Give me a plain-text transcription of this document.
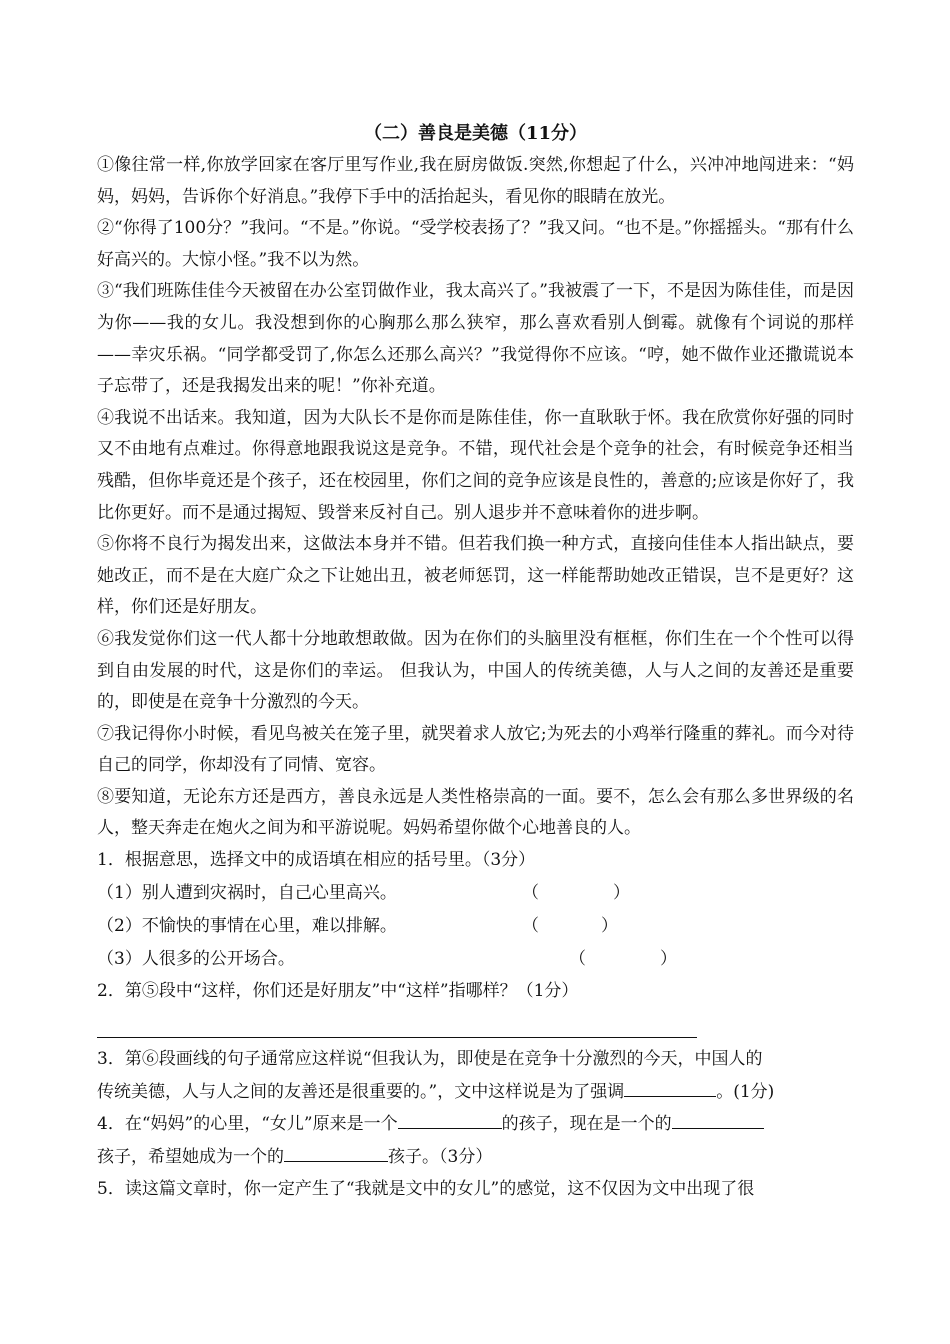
（二）善良是美德（11分）

①像往常一样,你放学回家在客厅里写作业,我在厨房做饭.突然,你想起了什么，兴冲冲地闯进来：“妈妈，妈妈，告诉你个好消息。”我停下手中的活抬起头，看见你的眼睛在放光。

②“你得了100分？”我问。“不是。”你说。“受学校表扬了？”我又问。“也不是。”你摇摇头。“那有什么好高兴的。大惊小怪。”我不以为然。

③“我们班陈佳佳今天被留在办公室罚做作业，我太高兴了。”我被震了一下，不是因为陈佳佳，而是因为你——我的女儿。我没想到你的心胸那么那么狭窄，那么喜欢看别人倒霉。就像有个词说的那样——幸灾乐祸。“同学都受罚了,你怎么还那么高兴？”我觉得你不应该。“哼，她不做作业还撒谎说本子忘带了，还是我揭发出来的呢！”你补充道。

④我说不出话来。我知道，因为大队长不是你而是陈佳佳，你一直耿耿于怀。我在欣赏你好强的同时又不由地有点难过。你得意地跟我说这是竞争。不错，现代社会是个竞争的社会，有时候竞争还相当残酷，但你毕竟还是个孩子，还在校园里，你们之间的竞争应该是良性的，善意的;应该是你好了，我比你更好。而不是通过揭短、毁誉来反衬自己。别人退步并不意味着你的进步啊。

⑤你将不良行为揭发出来，这做法本身并不错。但若我们换一种方式，直接向佳佳本人指出缺点，要她改正，而不是在大庭广众之下让她出丑，被老师惩罚，这一样能帮助她改正错误，岂不是更好？这样，你们还是好朋友。

⑥我发觉你们这一代人都十分地敢想敢做。因为在你们的头脑里没有框框，你们生在一个个性可以得到自由发展的时代，这是你们的幸运。 但我认为，中国人的传统美德，人与人之间的友善还是重要的，即使是在竞争十分激烈的今天。

⑦我记得你小时候，看见鸟被关在笼子里，就哭着求人放它;为死去的小鸡举行隆重的葬礼。而今对待自己的同学，你却没有了同情、宽容。

⑧要知道，无论东方还是西方，善良永远是人类性格崇高的一面。要不，怎么会有那么多世界级的名人，整天奔走在炮火之间为和平游说呢。妈妈希望你做个心地善良的人。

1．根据意思，选择文中的成语填在相应的括号里。（3分）

（1）别人遭到灾祸时，自己心里高兴。	（	）
（2）不愉快的事情在心里，难以排解。	（	）
（3）人很多的公开场合。	（	）

2．第⑤段中“这样，你们还是好朋友”中“这样”指哪样？（1分）

3．第⑥段画线的句子通常应这样说“但我认为，即使是在竞争十分激烈的今天，中国人的

传统美德，人与人之间的友善还是很重要的。”，文中这样说是为了强调	。(1分)

4．在“妈妈”的心里，“女儿”原来是一个	的孩子，现在是一个的

孩子，希望她成为一个的	孩子。（3分）

5．读这篇文章时，你一定产生了“我就是文中的女儿”的感觉，这不仅因为文中出现了很
